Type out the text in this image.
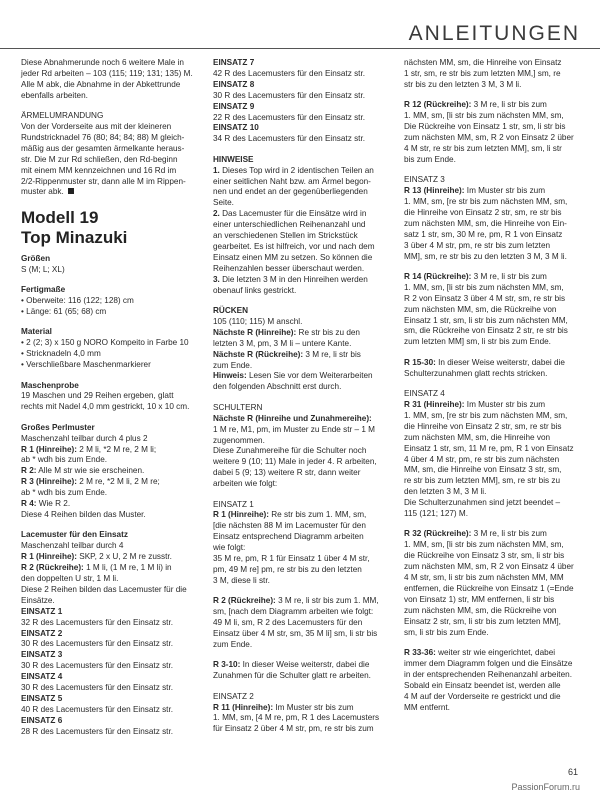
ANLEITUNGEN
Diese Abnahmerunde noch 6 weitere Male in
jeder Rd arbeiten – 103 (115; 119; 131; 135) M.
Alle M abk, die Abnahme in der Abkettrunde
ebenfalls arbeiten.
ÄRMELUMRANDUNG
Von der Vorderseite aus mit der kleineren
Rundstricknadel 76 (80; 84; 84; 88) M gleich-
mäßig aus der gesamten ärmelkante heraus-
str. Die M zur Rd schließen, den Rd-beginn
mit einem MM kennzeichnen und 16 Rd im
2/2-Rippenmuster str, dann alle M im Rippen-
muster abk.
Modell 19
Top Minazuki
Größen
S (M; L; XL)
Fertigmaße
• Oberweite: 116 (122; 128) cm
• Länge: 61 (65; 68) cm
Material
• 2 (2; 3) x 150 g NORO Kompeito in Farbe 10
• Stricknadeln 4,0 mm
• Verschließbare Maschenmarkierer
Maschenprobe
19 Maschen und 29 Reihen ergeben, glatt
rechts mit Nadel 4,0 mm gestrickt, 10 x 10 cm.
Großes Perlmuster
Maschenzahl teilbar durch 4 plus 2
R 1 (Hinreihe): 2 M li, *2 M re, 2 M li;
ab * wdh bis zum Ende.
R 2: Alle M str wie sie erscheinen.
R 3 (Hinreihe): 2 M re, *2 M li, 2 M re;
ab * wdh bis zum Ende.
R 4: Wie R 2.
Diese 4 Reihen bilden das Muster.
Lacemuster für den Einsatz
Maschenzahl teilbar durch 4
R 1 (Hinreihe): SKP, 2 x U, 2 M re zusstr.
R 2 (Rückreihe): 1 M li, (1 M re, 1 M li) in
den doppelten U str, 1 M li.
Diese 2 Reihen bilden das Lacemuster für die
Einsätze.
EINSATZ 1
32 R des Lacemusters für den Einsatz str.
EINSATZ 2
30 R des Lacemusters für den Einsatz str.
EINSATZ 3
30 R des Lacemusters für den Einsatz str.
EINSATZ 4
30 R des Lacemusters für den Einsatz str.
EINSATZ 5
40 R des Lacemusters für den Einsatz str.
EINSATZ 6
28 R des Lacemusters für den Einsatz str.
EINSATZ 7
42 R des Lacemusters für den Einsatz str.
EINSATZ 8
30 R des Lacemusters für den Einsatz str.
EINSATZ 9
22 R des Lacemusters für den Einsatz str.
EINSATZ 10
34 R des Lacemusters für den Einsatz str.
HINWEISE
1. Dieses Top wird in 2 identischen Teilen an
einer seitlichen Naht bzw. am Ärmel begon-
nen und endet an der gegenüberliegenden
Seite.
2. Das Lacemuster für die Einsätze wird in
einer unterschiedlichen Reihenanzahl und
an verschiedenen Stellen im Strickstück
gearbeitet. Es ist hilfreich, vor und nach dem
Einsatz einen MM zu setzen. So können die
Reihenzahlen besser überschaut werden.
3. Die letzten 3 M in den Hinreihen werden
obenauf links gestrickt.
RÜCKEN
105 (110; 115) M anschl.
Nächste R (Hinreihe): Re str bis zu den
letzten 3 M, pm, 3 M li – untere Kante.
Nächste R (Rückreihe): 3 M re, li str bis
zum Ende.
Hinweis: Lesen Sie vor dem Weiterarbeiten
den folgenden Abschnitt erst durch.
SCHULTERN
Nächste R (Hinreihe und Zunahmereihe):
1 M re, M1, pm, im Muster zu Ende str – 1 M
zugenommen.
Diese Zunahmereihe für die Schulter noch
weitere 9 (10; 11) Male in jeder 4. R arbeiten,
dabei 5 (9; 13) weitere R str, dann weiter
arbeiten wie folgt:
EINSATZ 1
R 1 (Hinreihe): Re str bis zum 1. MM, sm,
[die nächsten 88 M im Lacemuster für den
Einsatz entsprechend Diagramm arbeiten
wie folgt:
35 M re, pm, R 1 für Einsatz 1 über 4 M str,
pm, 49 M re] pm, re str bis zu den letzten
3 M, diese li str.
R 2 (Rückreihe): 3 M re, li str bis zum 1. MM,
sm, [nach dem Diagramm arbeiten wie folgt:
49 M li, sm, R 2 des Lacemusters für den
Einsatz über 4 M str, sm, 35 M li] sm, li str bis
zum Ende.
R 3-10: In dieser Weise weiterstr, dabei die
Zunahmen für die Schulter glatt re arbeiten.
EINSATZ 2
R 11 (Hinreihe): Im Muster str bis zum
1. MM, sm, [4 M re, pm, R 1 des Lacemusters
für Einsatz 2 über 4 M str, pm, re str bis zum
nächsten MM, sm, die Hinreihe von Einsatz
1 str, sm, re str bis zum letzten MM,] sm, re
str bis zu den letzten 3 M, 3 M li.
R 12 (Rückreihe): 3 M re, li str bis zum
1. MM, sm, [li str bis zum nächsten MM, sm,
Die Rückreihe von Einsatz 1 str, sm, li str bis
zum nächsten MM, sm, R 2 von Einsatz 2 über
4 M str, re str bis zum letzten MM], sm, li str
bis zum Ende.
EINSATZ 3
R 13 (Hinreihe): Im Muster str bis zum
1. MM, sm, [re str bis zum nächsten MM, sm,
die Hinreihe von Einsatz 2 str, sm, re str bis
zum nächsten MM, sm, die Hinreihe von Ein-
satz 1 str, sm, 30 M re, pm, R 1 von Einsatz
3 über 4 M str, pm, re str bis zum letzten
MM], sm, re str bis zu den letzten 3 M, 3 M li.
R 14 (Rückreihe): 3 M re, li str bis zum
1. MM, sm, [li str bis zum nächsten MM, sm,
R 2 von Einsatz 3 über 4 M str, sm, re str bis
zum nächsten MM, sm, die Rückreihe von
Einsatz 1 str, sm, li str bis zum nächsten MM,
sm, die Rückreihe von Einsatz 2 str, re str bis
zum letzten MM] sm, li str bis zum Ende.
R 15-30: In dieser Weise weiterstr, dabei die
Schulterzunahmen glatt rechts stricken.
EINSATZ 4
R 31 (Hinreihe): Im Muster str bis zum
1. MM, sm, [re str bis zum nächsten MM, sm,
die Hinreihe von Einsatz 2 str, sm, re str bis
zum nächsten MM, sm, die Hinreihe von
Einsatz 1 str, sm, 11 M re, pm, R 1 von Einsatz
4 über 4 M str, pm, re str bis zum nächsten
MM, sm, die Hinreihe von Einsatz 3 str, sm,
re str bis zum letzten MM], sm, re str bis zu
den letzten 3 M, 3 M li.
Die Schulterzunahmen sind jetzt beendet –
115 (121; 127) M.
R 32 (Rückreihe): 3 M re, li str bis zum
1. MM, sm, [li str bis zum nächsten MM, sm,
die Rückreihe von Einsatz 3 str, sm, li str bis
zum nächsten MM, sm, R 2 von Einsatz 4 über
4 M str, sm, li str bis zum nächsten MM, MM
entfernen, die Rückreihe von Einsatz 1 (=Ende
von Einsatz 1) str, MM entfernen, li str bis
zum nächsten MM, sm, die Rückreihe von
Einsatz 2 str, sm, li str bis zum letzten MM],
sm, li str bis zum Ende.
R 33-36: weiter str wie eingerichtet, dabei
immer dem Diagramm folgen und die Einsätze
in der entsprechenden Reihenanzahl arbeiten.
Sobald ein Einsatz beendet ist, werden alle
4 M auf der Vorderseite re gestrickt und die
MM entfernt.
61
PassionForum.ru
